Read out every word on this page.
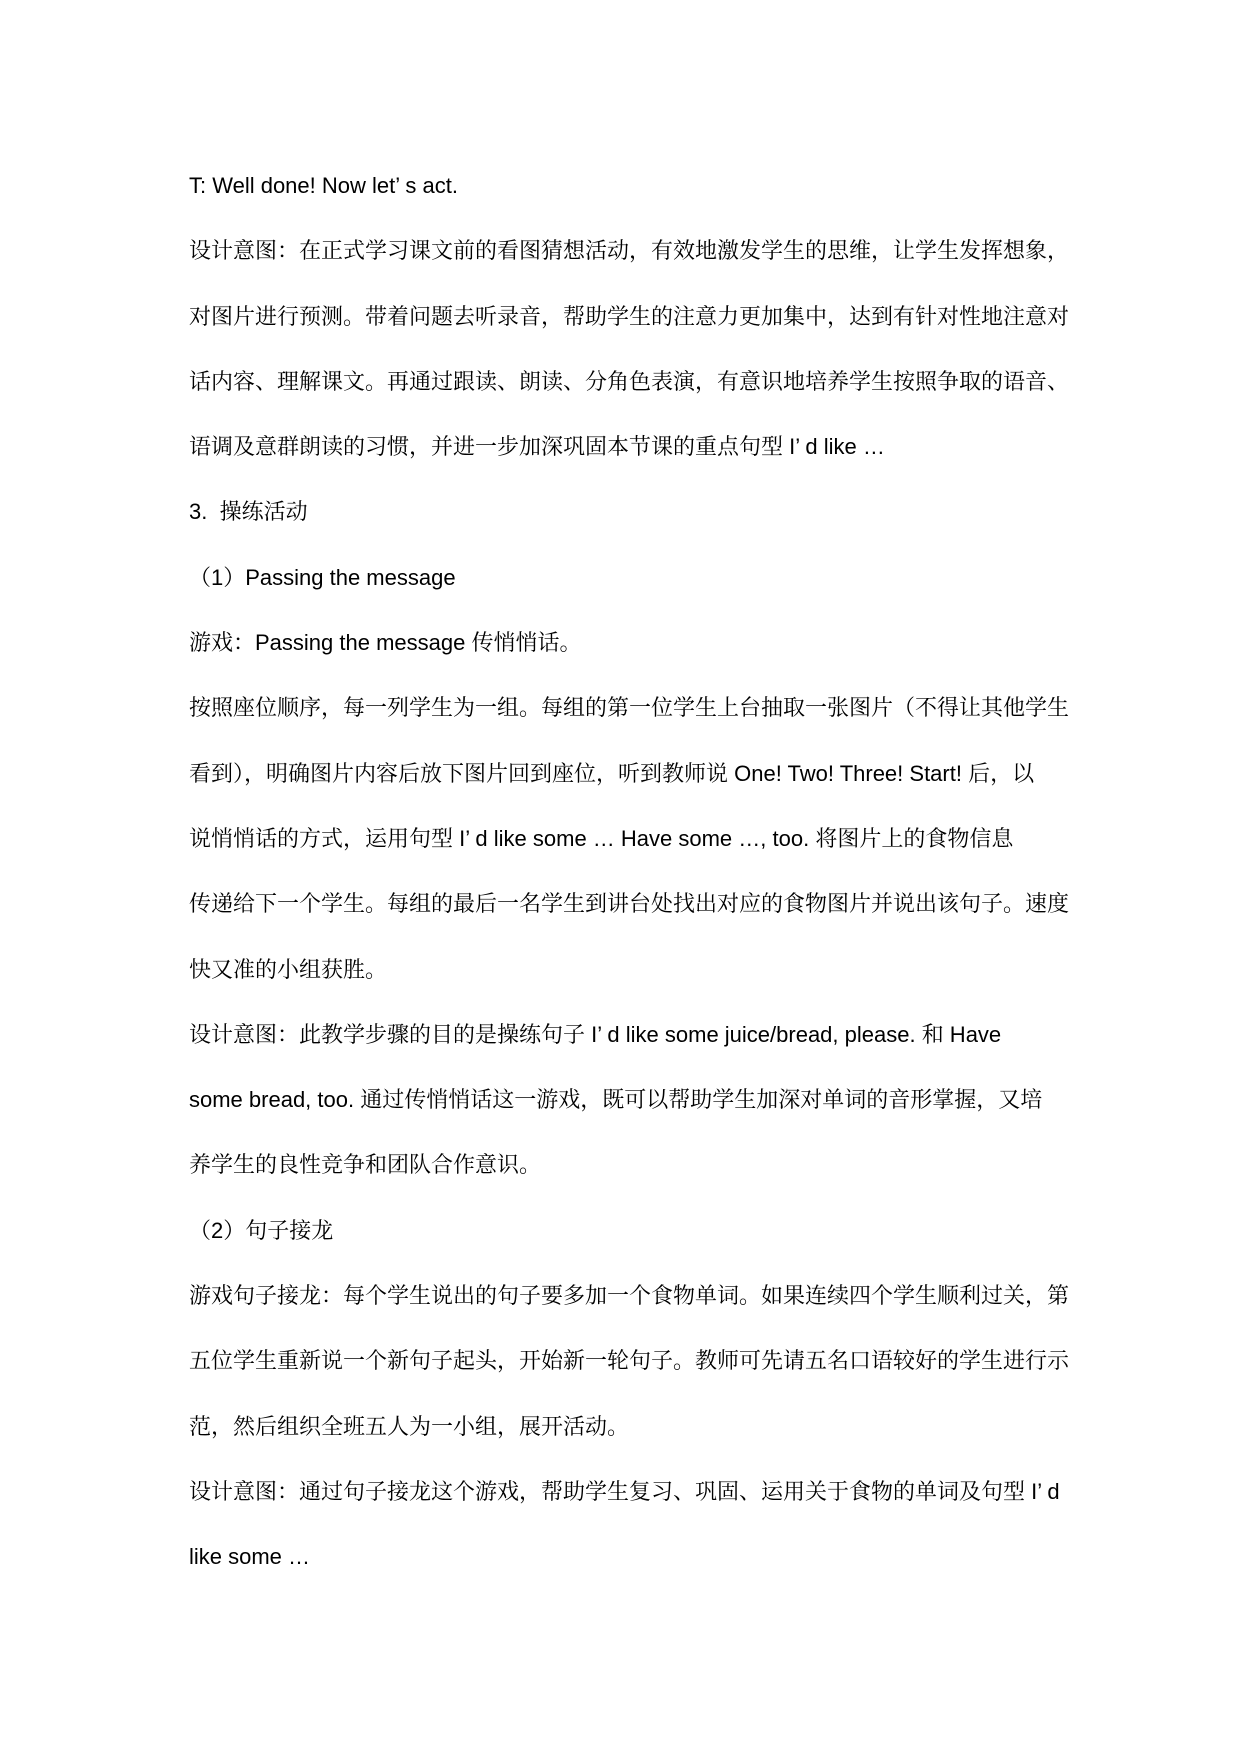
T: Well done! Now let’ s act.

设计意图：在正式学习课文前的看图猜想活动，有效地激发学生的思维，让学生发挥想象，

对图片进行预测。带着问题去听录音，帮助学生的注意力更加集中，达到有针对性地注意对

话内容、理解课文。再通过跟读、朗读、分角色表演，有意识地培养学生按照争取的语音、

语调及意群朗读的习惯，并进一步加深巩固本节课的重点句型 I’ d like …

3.  操练活动

（1）Passing the message

游戏：Passing the message 传悄悄话。

按照座位顺序，每一列学生为一组。每组的第一位学生上台抽取一张图片（不得让其他学生

看到），明确图片内容后放下图片回到座位，听到教师说 One! Two! Three! Start! 后，以

说悄悄话的方式，运用句型 I’ d like some … Have some …, too. 将图片上的食物信息

传递给下一个学生。每组的最后一名学生到讲台处找出对应的食物图片并说出该句子。速度

快又准的小组获胜。

设计意图：此教学步骤的目的是操练句子 I’ d like some juice/bread, please. 和 Have

some bread, too. 通过传悄悄话这一游戏，既可以帮助学生加深对单词的音形掌握，又培

养学生的良性竞争和团队合作意识。

（2）句子接龙

游戏句子接龙：每个学生说出的句子要多加一个食物单词。如果连续四个学生顺利过关，第

五位学生重新说一个新句子起头，开始新一轮句子。教师可先请五名口语较好的学生进行示

范，然后组织全班五人为一小组，展开活动。

设计意图：通过句子接龙这个游戏，帮助学生复习、巩固、运用关于食物的单词及句型 I’ d

like some …
